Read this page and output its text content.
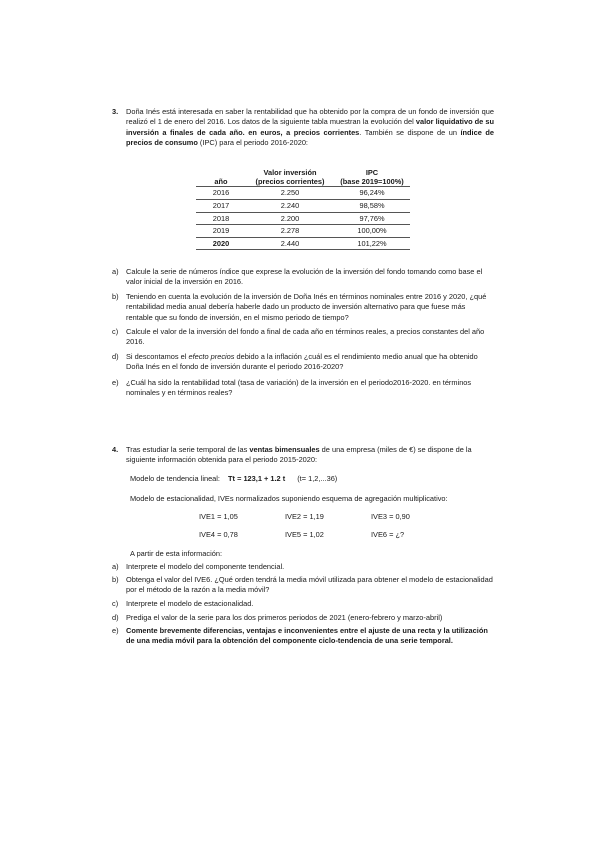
3. Doña Inés está interesada en saber la rentabilidad que ha obtenido por la compra de un fondo de inversión que realizó el 1 de enero del 2016. Los datos de la siguiente tabla muestran la evolución del valor liquidativo de su inversión a finales de cada año. en euros, a precios corrientes. También se dispone de un índice de precios de consumo (IPC) para el periodo 2016-2020:
	Valor inversión	IPC
año	(precios corrientes)	(base 2019=100%)
2016	2.250	96,24%
2017	2.240	98,58%
2018	2.200	97,76%
2019	2.278	100,00%
2020	2.440	101,22%
a) Calcule la serie de números índice que exprese la evolución de la inversión del fondo tomando como base el valor inicial de la inversión en 2016.

b) Teniendo en cuenta la evolución de la inversión de Doña Inés en términos nominales entre 2016 y 2020, ¿qué rentabilidad media anual debería haberle dado un producto de inversión alternativo para que fuese más rentable que su fondo de inversión, en el mismo periodo de tiempo?

c) Calcule el valor de la inversión del fondo a final de cada año en términos reales, a precios constantes del año 2016.

d) Si descontamos el efecto precios debido a la inflación ¿cuál es el rendimiento medio anual que ha obtenido Doña Inés en el fondo de inversión durante el periodo 2016-2020?

e) ¿Cuál ha sido la rentabilidad total (tasa de variación) de la inversión en el periodo2016-2020. en términos nominales y en términos reales?

4. Tras estudiar la serie temporal de las ventas bimensuales de una empresa (miles de €) se dispone de la siguiente información obtenida para el periodo 2015-2020:
Modelo de tendencia lineal: Tt = 123,1 + 1.2 t (t= 1,2,...36)
Modelo de estacionalidad, IVEs normalizados suponiendo esquema de agregación multiplicativo:
IVE1 = 1,05	IVE2 = 1,19	IVE3 = 0,90
IVE4 = 0,78	IVE5 = 1,02	IVE6 = ¿?
A partir de esta información:
a) Interprete el modelo del componente tendencial.

b) Obtenga el valor del IVE6. ¿Qué orden tendrá la media móvil utilizada para obtener el modelo de estacionalidad por el método de la razón a la media móvil?

c) Interprete el modelo de estacionalidad.

d) Prediga el valor de la serie para los dos primeros periodos de 2021 (enero-febrero y marzo-abril)

e) Comente brevemente diferencias, ventajas e inconvenientes entre el ajuste de una recta y la utilización de una media móvil para la obtención del componente ciclo-tendencia de una serie temporal.
